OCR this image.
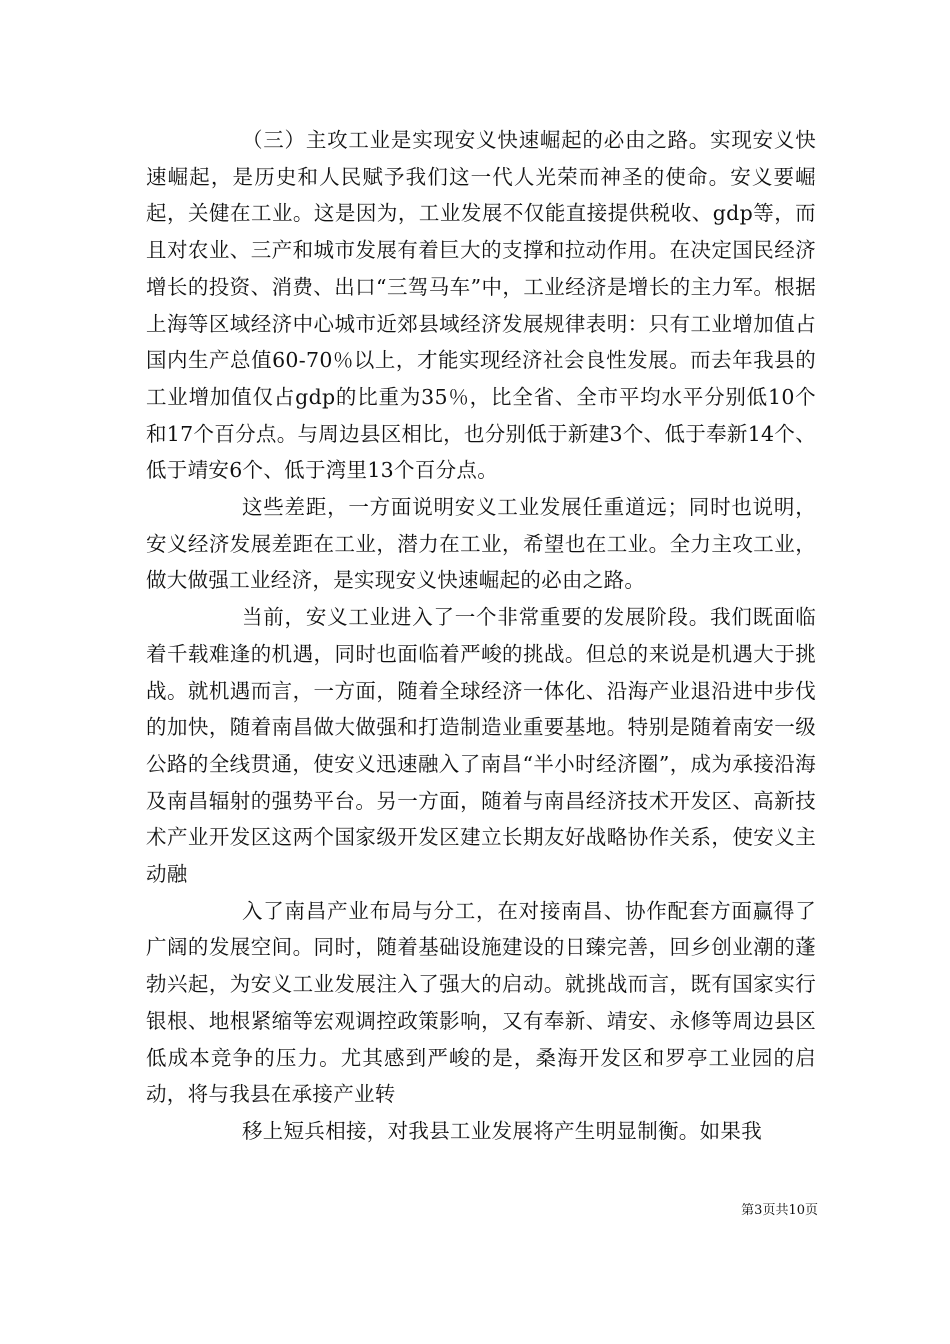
（三）主攻工业是实现安义快速崛起的必由之路。实现安义快速崛起，是历史和人民赋予我们这一代人光荣而神圣的使命。安义要崛起，关健在工业。这是因为，工业发展不仅能直接提供税收、gdp等，而且对农业、三产和城市发展有着巨大的支撑和拉动作用。在决定国民经济增长的投资、消费、出口“三驾马车”中，工业经济是增长的主力军。根据上海等区域经济中心城市近郊县域经济发展规律表明：只有工业增加值占国内生产总值60-70％以上，才能实现经济社会良性发展。而去年我县的工业增加值仅占gdp的比重为35％，比全省、全市平均水平分别低10个和17个百分点。与周边县区相比，也分别低于新建3个、低于奉新14个、低于靖安6个、低于湾里13个百分点。

这些差距，一方面说明安义工业发展任重道远；同时也说明，安义经济发展差距在工业，潜力在工业，希望也在工业。全力主攻工业，做大做强工业经济，是实现安义快速崛起的必由之路。

当前，安义工业进入了一个非常重要的发展阶段。我们既面临着千载难逢的机遇，同时也面临着严峻的挑战。但总的来说是机遇大于挑战。就机遇而言，一方面，随着全球经济一体化、沿海产业退沿进中步伐的加快，随着南昌做大做强和打造制造业重要基地。特别是随着南安一级公路的全线贯通，使安义迅速融入了南昌“半小时经济圈”，成为承接沿海及南昌辐射的强势平台。另一方面，随着与南昌经济技术开发区、高新技术产业开发区这两个国家级开发区建立长期友好战略协作关系，使安义主动融

入了南昌产业布局与分工，在对接南昌、协作配套方面赢得了广阔的发展空间。同时，随着基础设施建设的日臻完善，回乡创业潮的蓬勃兴起，为安义工业发展注入了强大的启动。就挑战而言，既有国家实行银根、地根紧缩等宏观调控政策影响，又有奉新、靖安、永修等周边县区低成本竞争的压力。尤其感到严峻的是，桑海开发区和罗亭工业园的启动，将与我县在承接产业转

移上短兵相接，对我县工业发展将产生明显制衡。如果我

第3页共10页
